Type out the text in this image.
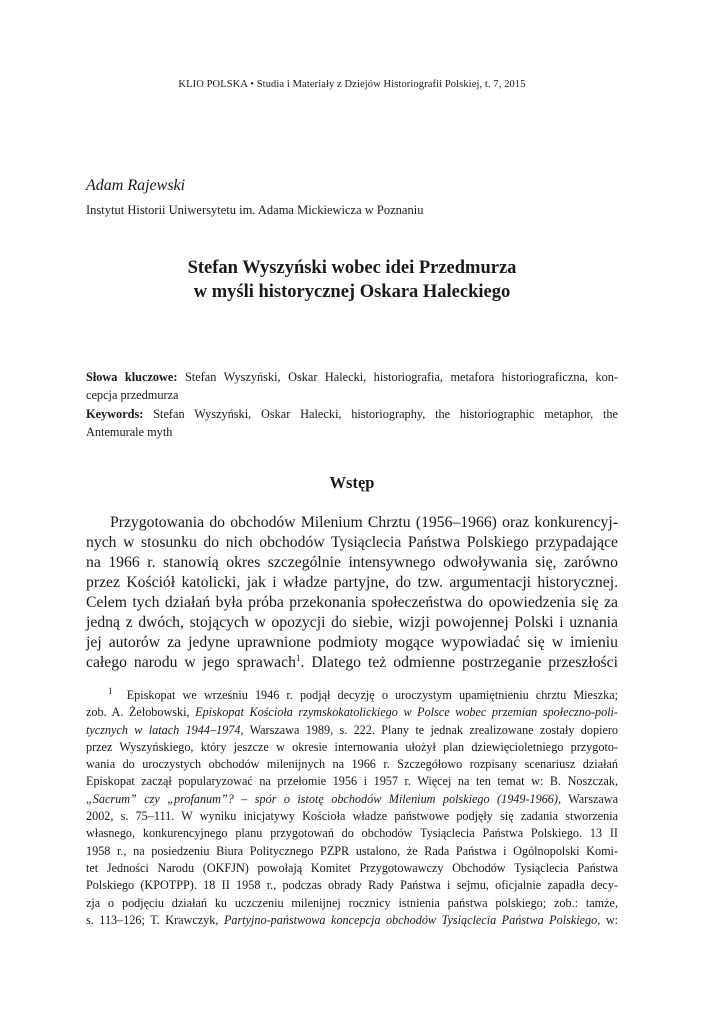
KLIO POLSKA • Studia i Materiały z Dziejów Historiografii Polskiej, t. 7, 2015
Adam Rajewski
Instytut Historii Uniwersytetu im. Adama Mickiewicza w Poznaniu
Stefan Wyszyński wobec idei Przedmurza
w myśli historycznej Oskara Haleckiego
Słowa kluczowe: Stefan Wyszyński, Oskar Halecki, historiografia, metafora historiograficzna, kon-
cepcja przedmurza
Keywords: Stefan Wyszyński, Oskar Halecki, historiography, the historiographic metaphor, the
Antemurale myth
Wstęp
Przygotowania do obchodów Milenium Chrztu (1956–1966) oraz konkurencyj-
nych w stosunku do nich obchodów Tysiąclecia Państwa Polskiego przypadające
na 1966 r. stanowią okres szczególnie intensywnego odwoływania się, zarówno
przez Kościół katolicki, jak i władze partyjne, do tzw. argumentacji historycznej.
Celem tych działań była próba przekonania społeczeństwa do opowiedzenia się za
jedną z dwóch, stojących w opozycji do siebie, wizji powojennej Polski i uznania
jej autorów za jedyne uprawnione podmioty mogące wypowiadać się w imieniu
całego narodu w jego sprawach$^1$. Dlatego też odmienne postrzeganie przeszłości
$^1$ Episkopat we wrześniu 1946 r. podjął decyzję o uroczystym upamiętnieniu chrztu Mieszka;
zob. A. Żelobowski, Episkopat Kościoła rzymskokatolickiego w Polsce wobec przemian społeczno-poli-
tycznych w latach 1944–1974, Warszawa 1989, s. 222. Plany te jednak zrealizowane zostały dopiero
przez Wyszyńskiego, który jeszcze w okresie internowania ułożył plan dziewięcioletniego przygoto-
wania do uroczystych obchodów milenijnych na 1966 r. Szczegółowo rozpisany scenariusz działań
Episkopat zaczął popularyzować na przełomie 1956 i 1957 r. Więcej na ten temat w: B. Noszczak,
„Sacrum” czy „profanum”? – spór o istotę obchodów Milenium polskiego (1949-1966), Warszawa
2002, s. 75–111. W wyniku inicjatywy Kościoła władze państwowe podjęły się zadania stworzenia
własnego, konkurencyjnego planu przygotowań do obchodów Tysiąclecia Państwa Polskiego. 13 II
1958 r., na posiedzeniu Biura Politycznego PZPR ustalono, że Rada Państwa i Ogólnopolski Komi-
tet Jedności Narodu (OKFJN) powołają Komitet Przygotowawczy Obchodów Tysiąclecia Państwa
Polskiego (KPOTPP). 18 II 1958 r., podczas obrady Rady Państwa i sejmu, oficjalnie zapadła decy-
zja o podjęciu działań ku uczczeniu milenijnej rocznicy istnienia państwa polskiego; zob.: tamże,
s. 113–126; T. Krawczyk, Partyjno-państwowa koncepcja obchodów Tysiąclecia Państwa Polskiego, w:
